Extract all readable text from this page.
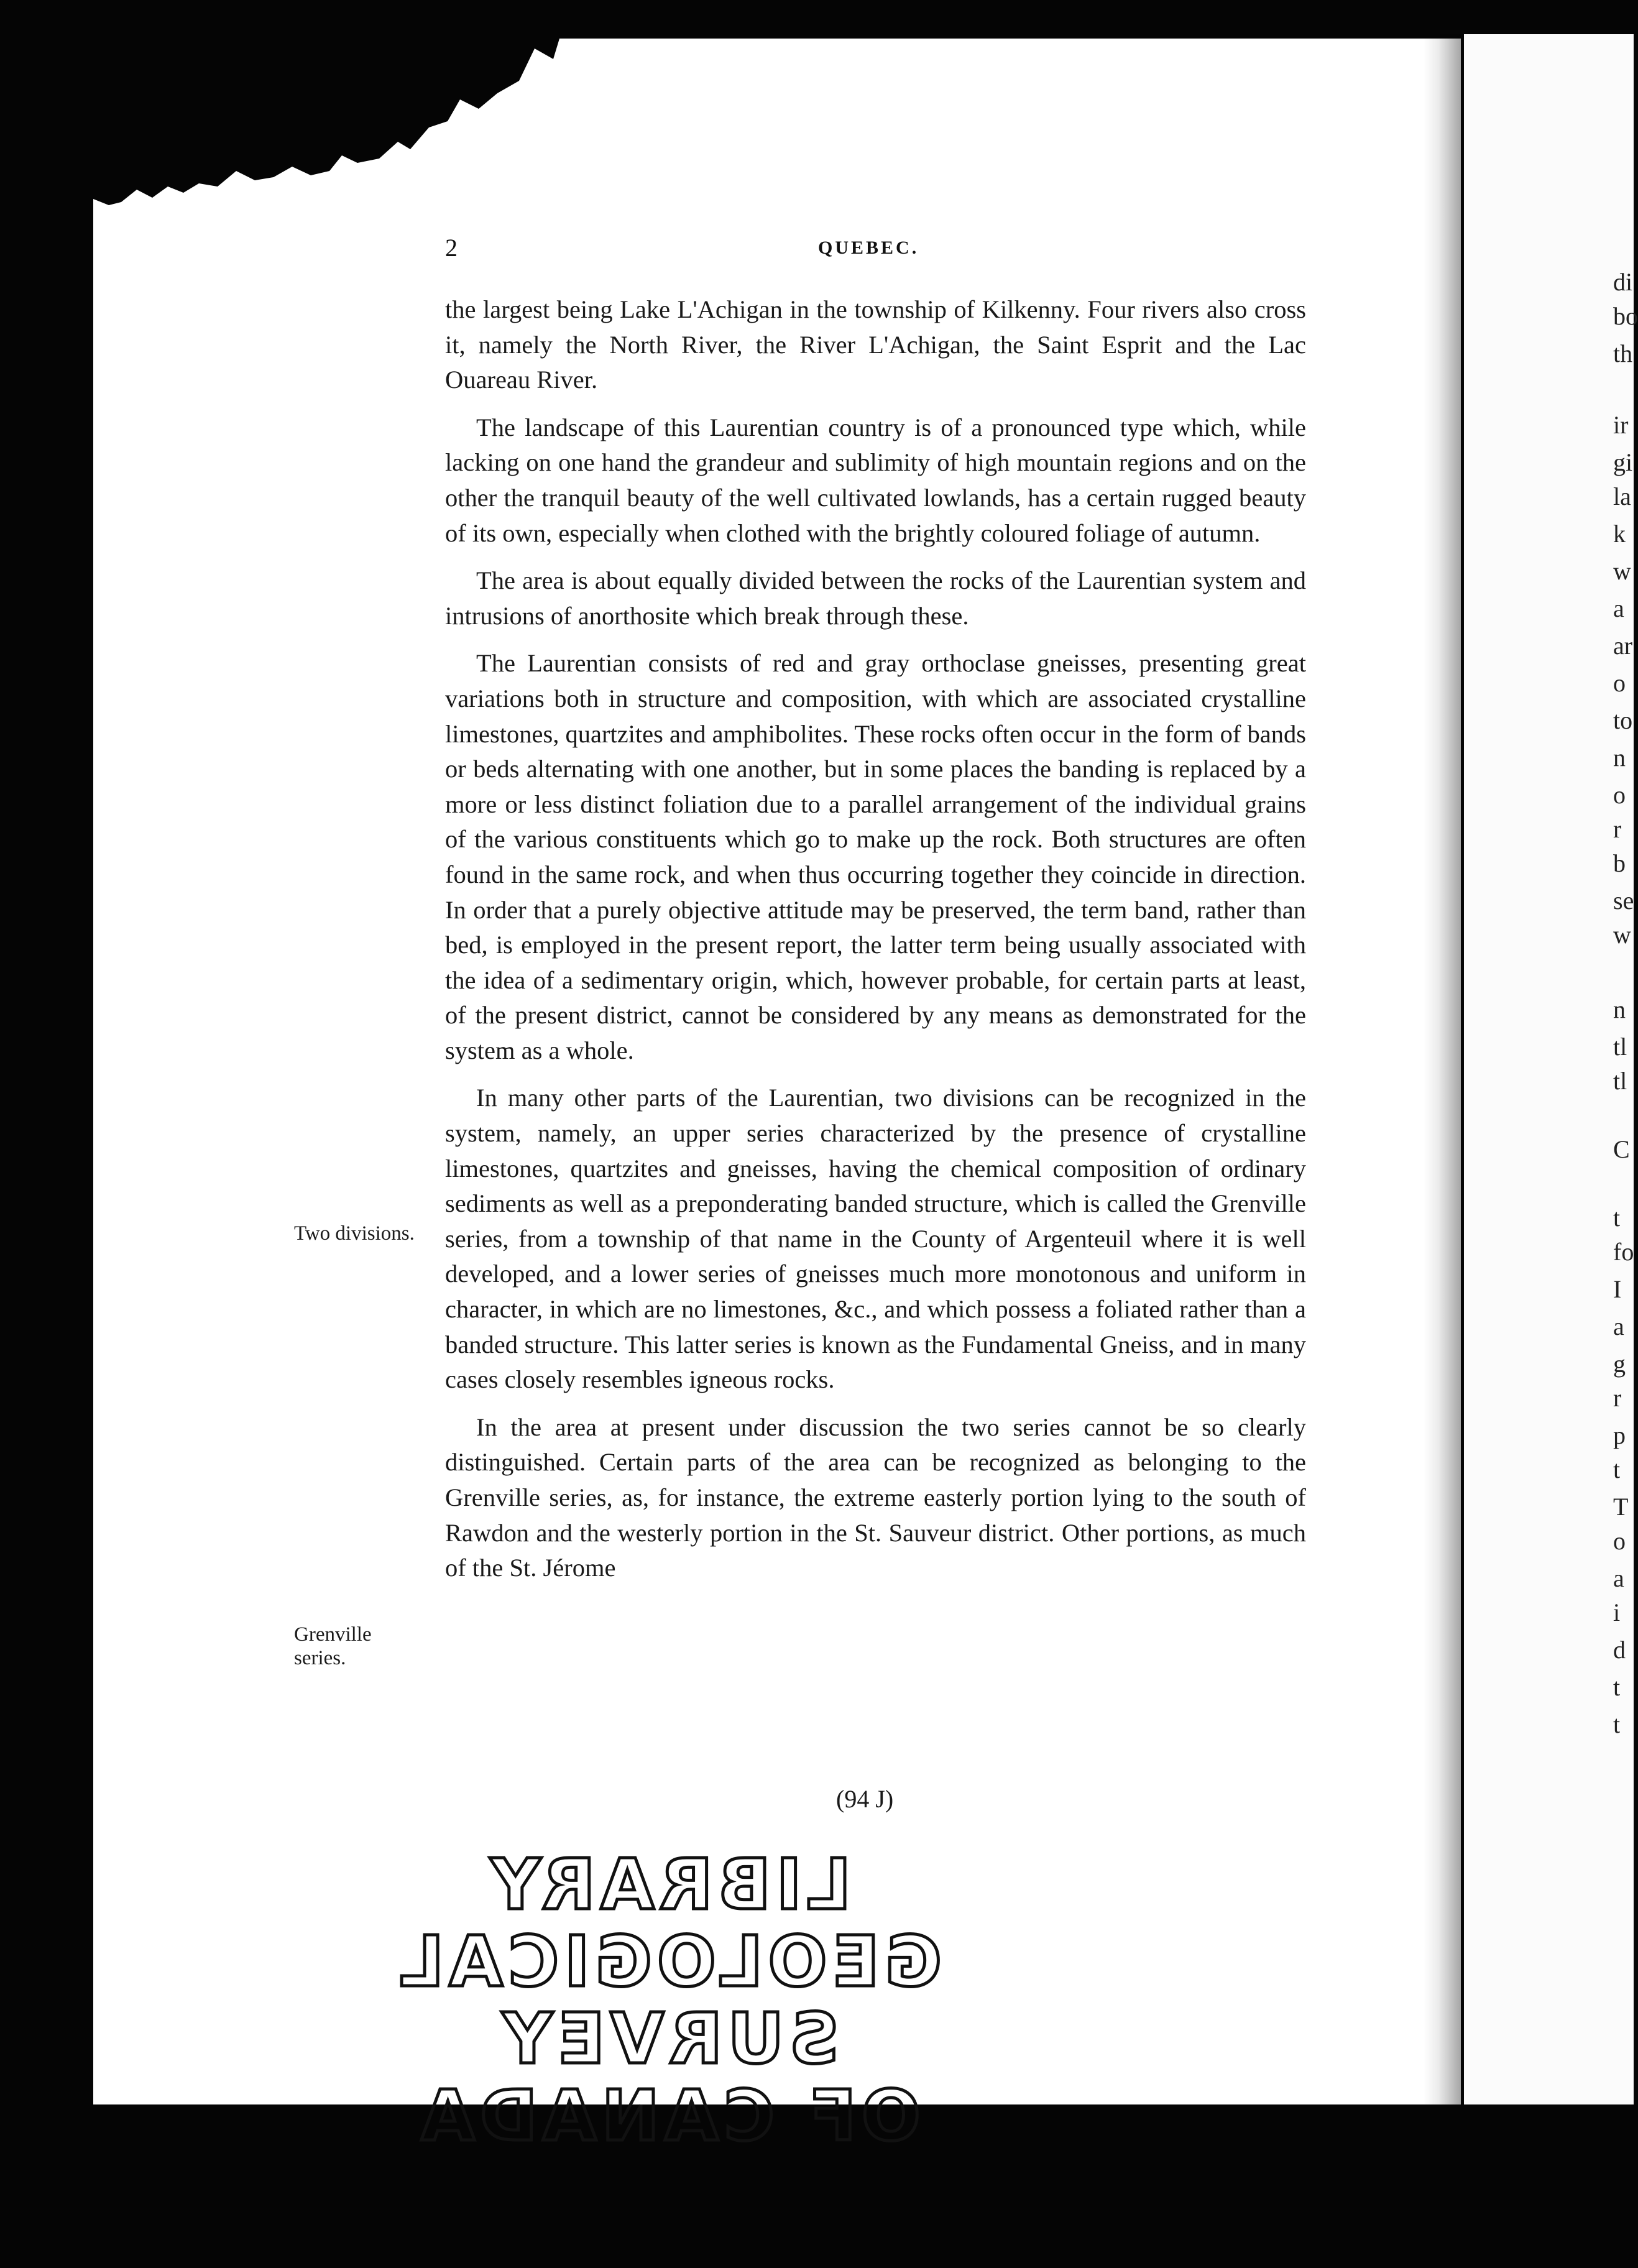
di
bo
th
ir
gi
la
k
w
a
ar
o
to
n
o
r
b
se
w
n
tl
tl
C
t
fo
I
a
g
r
p
t
T
o
a
i
d
t
t
2	QUEBEC.

the largest being Lake L'Achigan in the township of Kilkenny. Four rivers also cross it, namely the North River, the River L'Achigan, the Saint Esprit and the Lac Ouareau River.

The landscape of this Laurentian country is of a pronounced type which, while lacking on one hand the grandeur and sublimity of high mountain regions and on the other the tranquil beauty of the well cultivated lowlands, has a certain rugged beauty of its own, especially when clothed with the brightly coloured foliage of autumn.

The area is about equally divided between the rocks of the Laurentian system and intrusions of anorthosite which break through these.

The Laurentian consists of red and gray orthoclase gneisses, presenting great variations both in structure and composition, with which are associated crystalline limestones, quartzites and amphibolites. These rocks often occur in the form of bands or beds alternating with one another, but in some places the banding is replaced by a more or less distinct foliation due to a parallel arrangement of the individual grains of the various constituents which go to make up the rock. Both structures are often found in the same rock, and when thus occurring together they coincide in direction. In order that a purely objective attitude may be preserved, the term band, rather than bed, is employed in the present report, the latter term being usually associated with the idea of a sedimentary origin, which, however probable, for certain parts at least, of the present district, cannot be considered by any means as demonstrated for the system as a whole.

In many other parts of the Laurentian, two divisions can be recognized in the system, namely, an upper series characterized by the presence of crystalline limestones, quartzites and gneisses, having the chemical composition of ordinary sediments as well as a preponderating banded structure, which is called the Grenville series, from a township of that name in the County of Argenteuil where it is well developed, and a lower series of gneisses much more monotonous and uniform in character, in which are no limestones, &c., and which possess a foliated rather than a banded structure. This latter series is known as the Fundamental Gneiss, and in many cases closely resembles igneous rocks.

In the area at present under discussion the two series cannot be so clearly distinguished. Certain parts of the area can be recognized as belonging to the Grenville series, as, for instance, the extreme easterly portion lying to the south of Rawdon and the westerly portion in the St. Sauveur district. Other portions, as much of the St. Jérome

Two divisions.
Grenville
series.
(94 J)
LIBRARY
GEOLOGICAL SURVEY
OF CANADA
